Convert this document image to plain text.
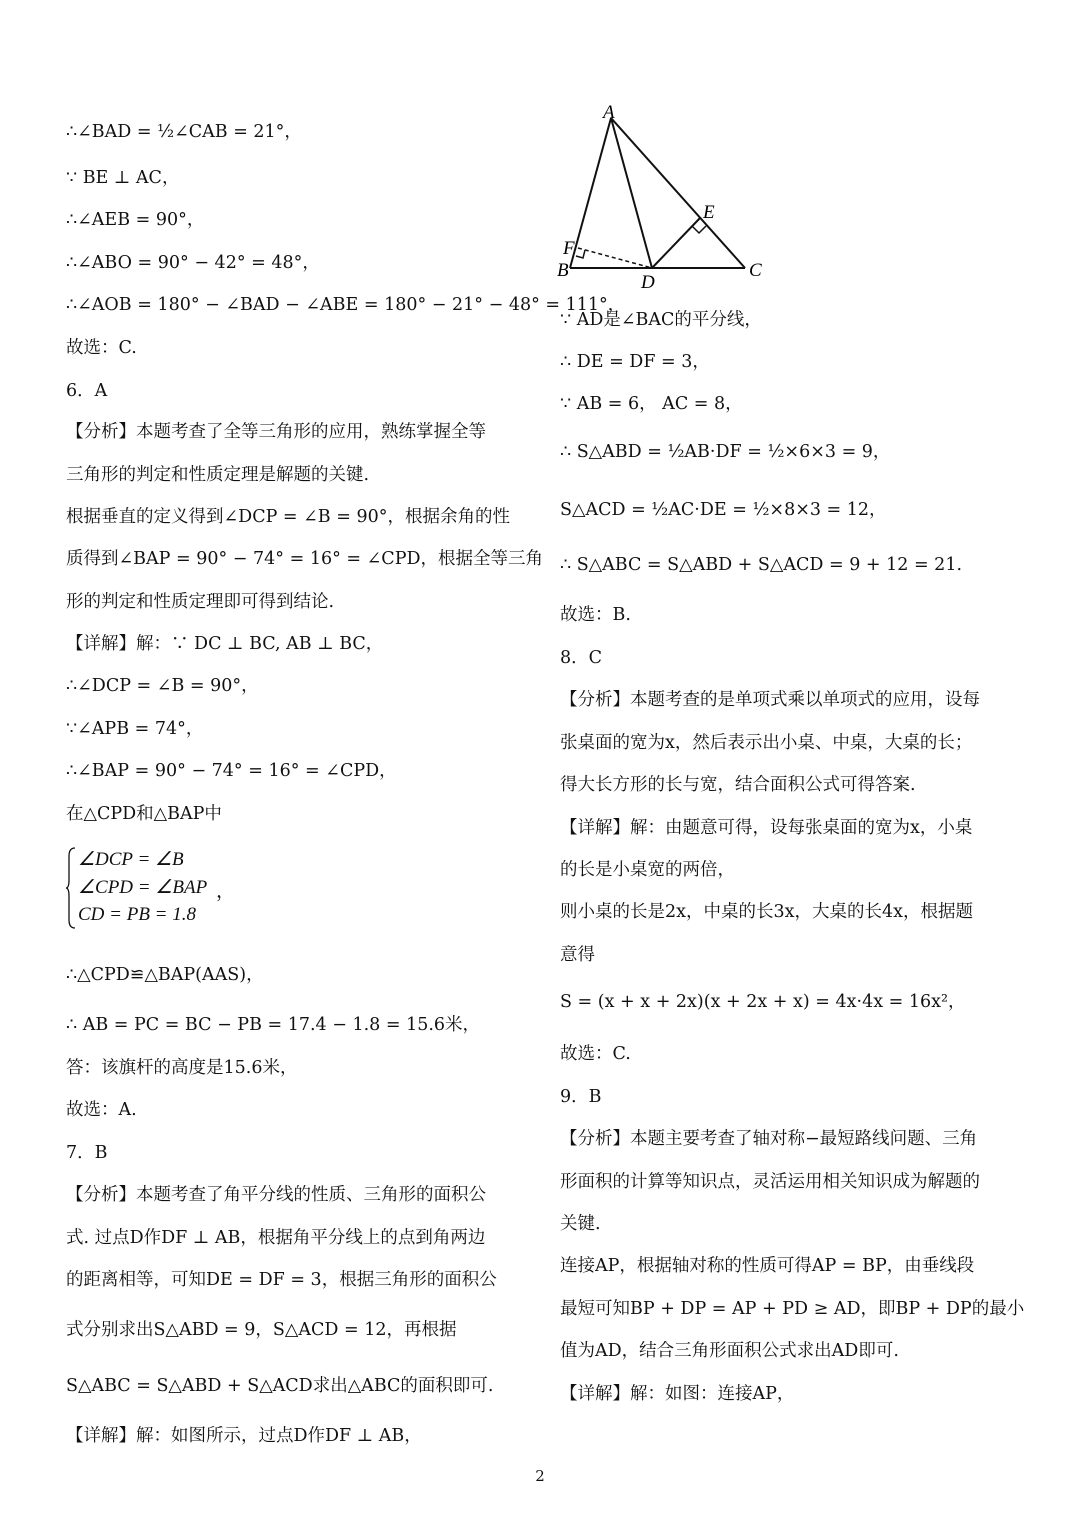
∴∠BAD = ½∠CAB = 21°，
∵ BE ⊥ AC，
∴∠AEB = 90°，
∴∠ABO = 90° − 42° = 48°，
∴∠AOB = 180° − ∠BAD − ∠ABE = 180° − 21° − 48° = 111°，
故选：C.
6．A
【分析】本题考查了全等三角形的应用，熟练掌握全等
三角形的判定和性质定理是解题的关键.
根据垂直的定义得到∠DCP = ∠B = 90°，根据余角的性
质得到∠BAP = 90° − 74° = 16° = ∠CPD，根据全等三角
形的判定和性质定理即可得到结论.
【详解】解：∵ DC ⊥ BC, AB ⊥ BC，
∴∠DCP = ∠B = 90°，
∵∠APB = 74°，
∴∠BAP = 90° − 74° = 16° = ∠CPD，
在△CPD和△BAP中
∴△CPD≌△BAP(AAS)，
∴ AB = PC = BC − PB = 17.4 − 1.8 = 15.6米，
答：该旗杆的高度是15.6米，
故选：A.
7．B
【分析】本题考查了角平分线的性质、三角形的面积公
式. 过点D作DF ⊥ AB，根据角平分线上的点到角两边
的距离相等，可知DE = DF = 3，根据三角形的面积公
式分别求出S△ABD = 9，S△ACD = 12，再根据
S△ABC = S△ABD + S△ACD求出△ABC的面积即可.
【详解】解：如图所示，过点D作DF ⊥ AB，
∵ AD是∠BAC的平分线，
∴ DE = DF = 3，
∵ AB = 6， AC = 8，
∴ S△ABD = ½AB·DF = ½×6×3 = 9，
S△ACD = ½AC·DE = ½×8×3 = 12，
∴ S△ABC = S△ABD + S△ACD = 9 + 12 = 21.
故选：B.
8．C
【分析】本题考查的是单项式乘以单项式的应用，设每
张桌面的宽为x，然后表示出小桌、中桌，大桌的长；
得大长方形的长与宽，结合面积公式可得答案.
【详解】解：由题意可得，设每张桌面的宽为x，小桌
的长是小桌宽的两倍，
则小桌的长是2x，中桌的长3x，大桌的长4x，根据题
意得
S = (x + x + 2x)(x + 2x + x) = 4x·4x = 16x²，
故选：C.
9．B
【分析】本题主要考查了轴对称−最短路线问题、三角
形面积的计算等知识点，灵活运用相关知识成为解题的
关键.
连接AP，根据轴对称的性质可得AP = BP，由垂线段
最短可知BP + DP = AP + PD ≥ AD，即BP + DP的最小
值为AD，结合三角形面积公式求出AD即可.
【详解】解：如图：连接AP，
∠DCP = ∠B
∠CPD = ∠BAP
CD = PB = 1.8
，
A
B	C
D
E
F
2
